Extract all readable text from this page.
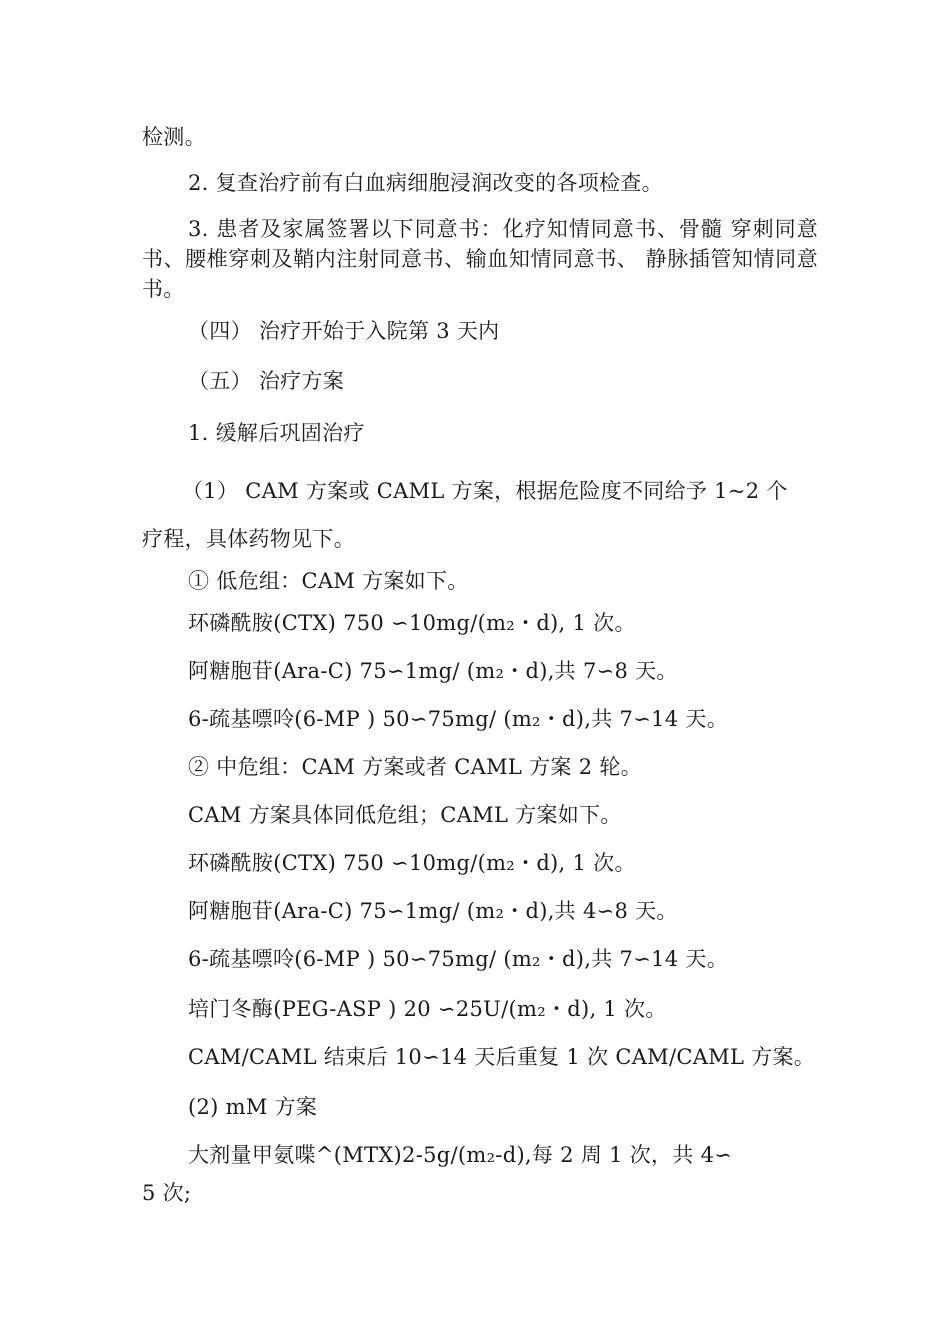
检测。
2. 复查治疗前有白血病细胞浸润改变的各项检查。
3. 患者及家属签署以下同意书：化疗知情同意书、骨髓 穿刺同意书、腰椎穿刺及鞘内注射同意书、输血知情同意书、 静脉插管知情同意书。
（四） 治疗开始于入院第 3 天内
（五） 治疗方案
1. 缓解后巩固治疗
（1） CAM 方案或 CAML 方案，根据危险度不同给予 1~2 个
疗程，具体药物见下。
① 低危组：CAM 方案如下。
环磷酰胺(CTX) 750 ∽10mg/(m₂・d), 1 次。
阿糖胞苷(Ara-C) 75∽1mg/ (m₂・d),共 7∽8 天。
6-疏基嘌呤(6-MP ) 50∽75mg/ (m₂・d),共 7∽14 天。
② 中危组：CAM 方案或者 CAML 方案 2 轮。
CAM 方案具体同低危组；CAML 方案如下。
环磷酰胺(CTX) 750 ∽10mg/(m₂・d), 1 次。
阿糖胞苷(Ara-C) 75∽1mg/ (m₂・d),共 4∽8 天。
6-疏基嘌呤(6-MP ) 50∽75mg/ (m₂・d),共 7∽14 天。
培门冬酶(PEG-ASP ) 20 ∽25U/(m₂・d), 1 次。
CAM/CAML 结束后 10∽14 天后重复 1 次 CAM/CAML 方案。
(2) mM 方案
大剂量甲氨喋^(MTX)2-5g/(m₂-d),每 2 周 1 次，共 4∽
5 次;
